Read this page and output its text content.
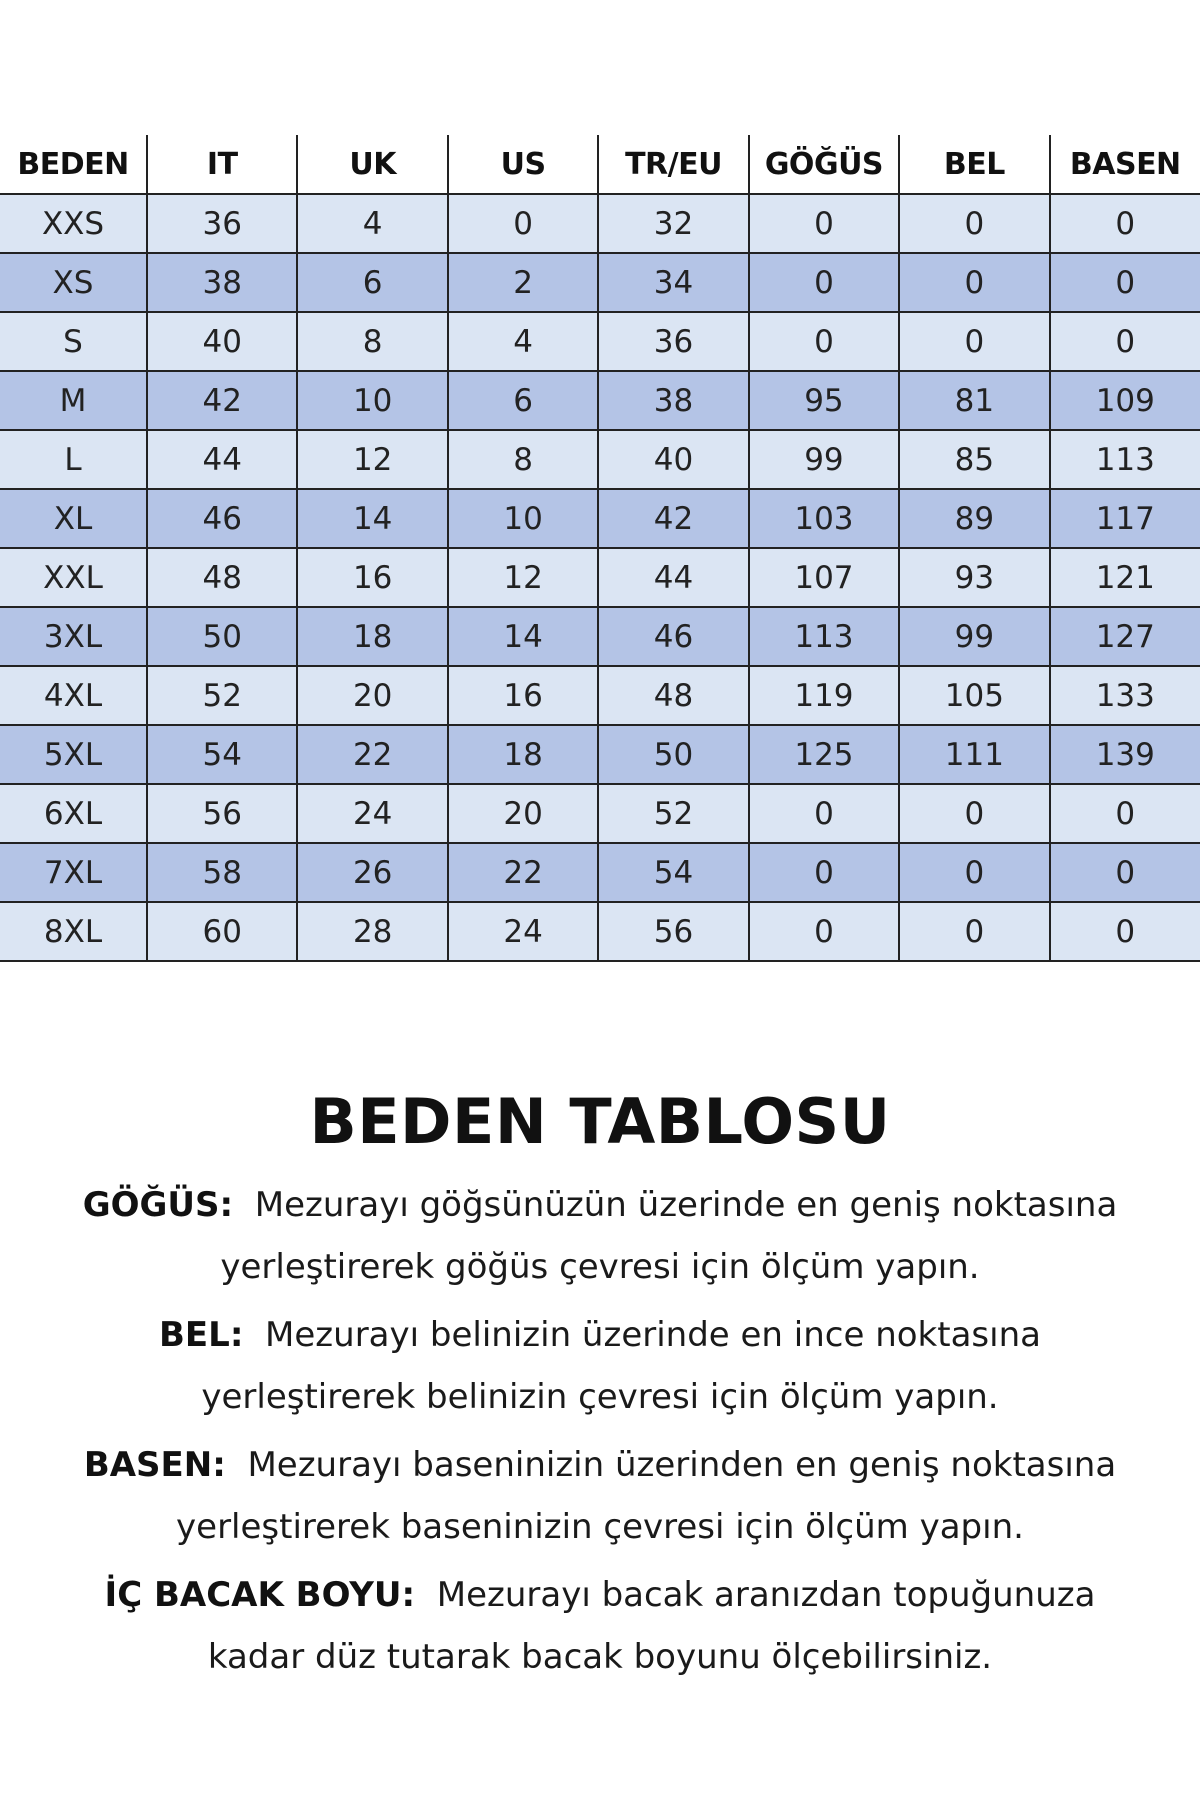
BEDEN	IT	UK	US	TR/EU	GÖĞÜS	BEL	BASEN
XXS	36	4	0	32	0	0	0
XS	38	6	2	34	0	0	0
S	40	8	4	36	0	0	0
M	42	10	6	38	95	81	109
L	44	12	8	40	99	85	113
XL	46	14	10	42	103	89	117
XXL	48	16	12	44	107	93	121
3XL	50	18	14	46	113	99	127
4XL	52	20	16	48	119	105	133
5XL	54	22	18	50	125	111	139
6XL	56	24	20	52	0	0	0
7XL	58	26	22	54	0	0	0
8XL	60	28	24	56	0	0	0
BEDEN TABLOSU
GÖĞÜS: Mezurayı göğsünüzün üzerinde en geniş noktasına
yerleştirerek göğüs çevresi için ölçüm yapın.
BEL: Mezurayı belinizin üzerinde en ince noktasına
yerleştirerek belinizin çevresi için ölçüm yapın.
BASEN: Mezurayı baseninizin üzerinden en geniş noktasına
yerleştirerek baseninizin çevresi için ölçüm yapın.
İÇ BACAK BOYU: Mezurayı bacak aranızdan topuğunuza
kadar düz tutarak bacak boyunu ölçebilirsiniz.
